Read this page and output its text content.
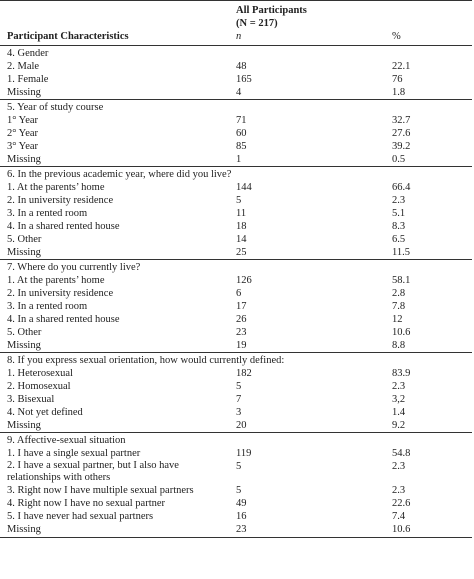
	All Participants	
	(N = 217)	
Participant Characteristics	n	%
4. Gender		
2. Male	48	22.1
1. Female	165	76
Missing	4	1.8
5. Year of study course		
1° Year	71	32.7
2° Year	60	27.6
3° Year	85	39.2
Missing	1	0.5
6. In the previous academic year, where did you live?		
1. At the parents’ home	144	66.4
2. In university residence	5	2.3
3. In a rented room	11	5.1
4. In a shared rented house	18	8.3
5. Other	14	6.5
Missing	25	11.5
7. Where do you currently live?		
1. At the parents’ home	126	58.1
2. In university residence	6	2.8
3. In a rented room	17	7.8
4. In a shared rented house	26	12
5. Other	23	10.6
Missing	19	8.8
8. If you express sexual orientation, how would currently defined:		
1. Heterosexual	182	83.9
2. Homosexual	5	2.3
3. Bisexual	7	3,2
4. Not yet defined	3	1.4
Missing	20	9.2
9. Affective-sexual situation		
1. I have a single sexual partner	119	54.8
2. I have a sexual partner, but I also have relationships with others	5	2.3
3. Right now I have multiple sexual partners	5	2.3
4. Right now I have no sexual partner	49	22.6
5. I have never had sexual partners	16	7.4
Missing	23	10.6
